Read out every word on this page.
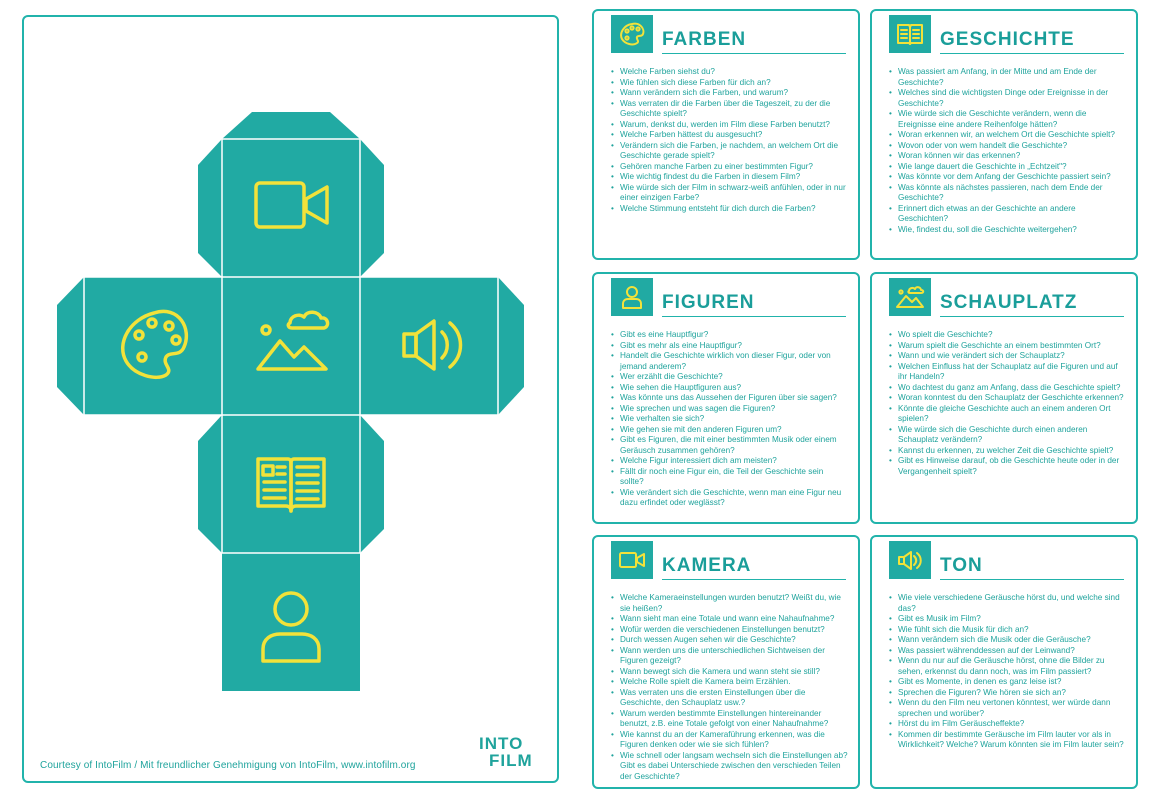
Courtesy of IntoFilm / Mit freundlicher Genehmigung von IntoFilm, www.intofilm.org
INTO
FILM
FARBEN
• Welche Farben siehst du?
• Wie fühlen sich diese Farben für dich an?
• Wann verändern sich die Farben, und warum?
• Was verraten dir die Farben über die Tageszeit, zu der die Geschichte spielt?
• Warum, denkst du, werden im Film diese Farben benutzt?
• Welche Farben hättest du ausgesucht?
• Verändern sich die Farben, je nachdem, an welchem Ort die Geschichte gerade spielt?
• Gehören manche Farben zu einer bestimmten Figur?
• Wie wichtig findest du die Farben in diesem Film?
• Wie würde sich der Film in schwarz-weiß anfühlen, oder in nur einer einzigen Farbe?
• Welche Stimmung entsteht für dich durch die Farben?
GESCHICHTE
• Was passiert am Anfang, in der Mitte und am Ende der Geschichte?
• Welches sind die wichtigsten Dinge oder Ereignisse in der Geschichte?
• Wie würde sich die Geschichte verändern, wenn die Ereignisse eine andere Reihenfolge hätten?
• Woran erkennen wir, an welchem Ort die Geschichte spielt?
• Wovon oder von wem handelt die Geschichte?
• Woran können wir das erkennen?
• Wie lange dauert die Geschichte in „Echtzeit"?
• Was könnte vor dem Anfang der Geschichte passiert sein?
• Was könnte als nächstes passieren, nach dem Ende der Geschichte?
• Erinnert dich etwas an der Geschichte an andere Geschichten?
• Wie, findest du, soll die Geschichte weitergehen?
FIGUREN
• Gibt es eine Hauptfigur?
• Gibt es mehr als eine Hauptfigur?
• Handelt die Geschichte wirklich von dieser Figur, oder von jemand anderem?
• Wer erzählt die Geschichte?
• Wie sehen die Hauptfiguren aus?
• Was könnte uns das Aussehen der Figuren über sie sagen?
• Wie sprechen und was sagen die Figuren?
• Wie verhalten sie sich?
• Wie gehen sie mit den anderen Figuren um?
• Gibt es Figuren, die mit einer bestimmten Musik oder einem Geräusch zusammen gehören?
• Welche Figur interessiert dich am meisten?
• Fällt dir noch eine Figur ein, die Teil der Geschichte sein sollte?
• Wie verändert sich die Geschichte, wenn man eine Figur neu dazu erfindet oder weglässt?
SCHAUPLATZ
• Wo spielt die Geschichte?
• Warum spielt die Geschichte an einem bestimmten Ort?
• Wann und wie verändert sich der Schauplatz?
• Welchen Einfluss hat der Schauplatz auf die Figuren und auf ihr Handeln?
• Wo dachtest du ganz am Anfang, dass die Geschichte spielt?
• Woran konntest du den Schauplatz der Geschichte erkennen?
• Könnte die gleiche Geschichte auch an einem anderen Ort spielen?
• Wie würde sich die Geschichte durch einen anderen Schauplatz verändern?
• Kannst du erkennen, zu welcher Zeit die Geschichte spielt?
• Gibt es Hinweise darauf, ob die Geschichte heute oder in der Vergangenheit spielt?
KAMERA
• Welche Kameraeinstellungen wurden benutzt? Weißt du, wie sie heißen?
• Wann sieht man eine Totale und wann eine Nahaufnahme?
• Wofür werden die verschiedenen Einstellungen benutzt?
• Durch wessen Augen sehen wir die Geschichte?
• Wann werden uns die unterschiedlichen Sichtweisen der Figuren gezeigt?
• Wann bewegt sich die Kamera und wann steht sie still?
• Welche Rolle spielt die Kamera beim Erzählen.
• Was verraten uns die ersten Einstellungen über die Geschichte, den Schauplatz usw.?
• Warum werden bestimmte Einstellungen hintereinander benutzt, z.B. eine Totale gefolgt von einer Nahaufnahme?
• Wie kannst du an der Kameraführung erkennen, was die Figuren denken oder wie sie sich fühlen?
• Wie schnell oder langsam wechseln sich die Einstellungen ab? Gibt es dabei Unterschiede zwischen den verschieden Teilen der Geschichte?
TON
• Wie viele verschiedene Geräusche hörst du, und welche sind das?
• Gibt es Musik im Film?
• Wie fühlt sich die Musik für dich an?
• Wann verändern sich die Musik oder die Geräusche?
• Was passiert währenddessen auf der Leinwand?
• Wenn du nur auf die Geräusche hörst, ohne die Bilder zu sehen, erkennst du dann noch, was im Film passiert?
• Gibt es Momente, in denen es ganz leise ist?
• Sprechen die Figuren? Wie hören sie sich an?
• Wenn du den Film neu vertonen könntest, wer würde dann sprechen und worüber?
• Hörst du im Film Geräuscheffekte?
• Kommen dir bestimmte Geräusche im Film lauter vor als in Wirklichkeit? Welche? Warum könnten sie im Film lauter sein?
